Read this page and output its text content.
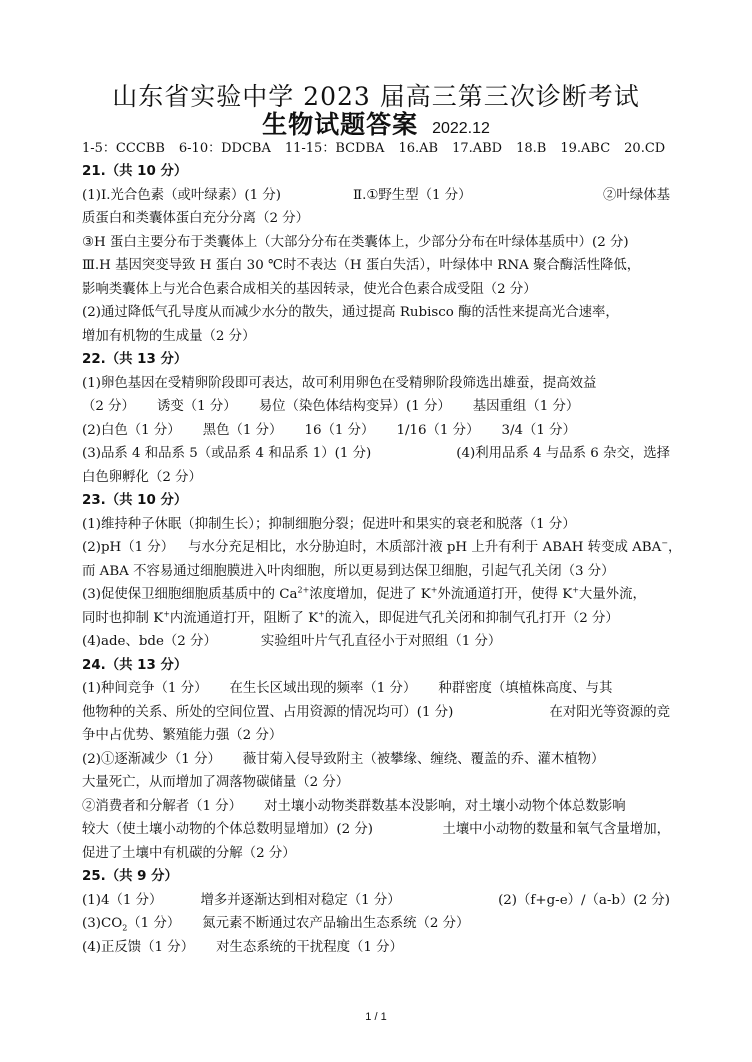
山东省实验中学 2023 届高三第三次诊断考试
生物试题答案 2022.12
1-5：CCCBB 6-10：DDCBA 11-15：BCDBA 16.AB 17.ABD 18.B 19.ABC 20.CD
21.（共 10 分）
(1)Ⅰ.光合色素（或叶绿素）(1 分)	Ⅱ.①野生型（1 分）	②叶绿体基
质蛋白和类囊体蛋白充分分离（2 分）
③H 蛋白主要分布于类囊体上（大部分分布在类囊体上，少部分分布在叶绿体基质中）(2 分)
Ⅲ.H 基因突变导致 H 蛋白 30 ℃时不表达（H 蛋白失活），叶绿体中 RNA 聚合酶活性降低，
影响类囊体上与光合色素合成相关的基因转录，使光合色素合成受阻（2 分）
(2)通过降低气孔导度从而减少水分的散失，通过提高 Rubisco 酶的活性来提高光合速率，
增加有机物的生成量（2 分）
22.（共 13 分）
(1)卵色基因在受精卵阶段即可表达，故可利用卵色在受精卵阶段筛选出雄蚕，提高效益
（2 分） 诱变（1 分） 易位（染色体结构变异）(1 分） 基因重组（1 分）
(2)白色（1 分） 黑色（1 分） 16（1 分） 1/16（1 分） 3/4（1 分）
(3)品系 4 和品系 5（或品系 4 和品系 1）(1 分)	(4)利用品系 4 与品系 6 杂交，选择
白色卵孵化（2 分）
23.（共 10 分）
(1)维持种子休眠（抑制生长）；抑制细胞分裂；促进叶和果实的衰老和脱落（1 分）
(2)pH（1 分） 与水分充足相比，水分胁迫时，木质部汁液 pH 上升有利于 ABAH 转变成 ABA−，
而 ABA 不容易通过细胞膜进入叶肉细胞，所以更易到达保卫细胞，引起气孔关闭（3 分）
(3)促使保卫细胞细胞质基质中的 $Ca^{2+}$浓度增加，促进了 K+外流通道打开，使得 K+大量外流，
同时也抑制 K+内流通道打开，阻断了 K+的流入，即促进气孔关闭和抑制气孔打开（2 分）
(4)ade、bde（2 分）	实验组叶片气孔直径小于对照组（1 分）
24.（共 13 分）
(1)种间竞争（1 分） 在生长区域出现的频率（1 分） 种群密度（填植株高度、与其
他物种的关系、所处的空间位置、占用资源的情况均可）(1 分)	在对阳光等资源的竞
争中占优势、繁殖能力强（2 分）
(2)①逐渐减少（1 分） 薇甘菊入侵导致附主（被攀缘、缠绕、覆盖的乔、灌木植物）
大量死亡，从而增加了凋落物碳储量（2 分）
②消费者和分解者（1 分） 对土壤小动物类群数基本没影响，对土壤小动物个体总数影响
较大（使土壤小动物的个体总数明显增加）(2 分)	土壤中小动物的数量和氧气含量增加，
促进了土壤中有机碳的分解（2 分）
25.（共 9 分）
(1)4（1 分）	增多并逐渐达到相对稳定（1 分）	(2)（f+g-e）/（a-b）(2 分)
$(3)CO_2(1$ 分） 氮元素不断通过农产品输出生态系统（2 分）
(4)正反馈（1 分） 对生态系统的干扰程度（1 分）
1 / 1
